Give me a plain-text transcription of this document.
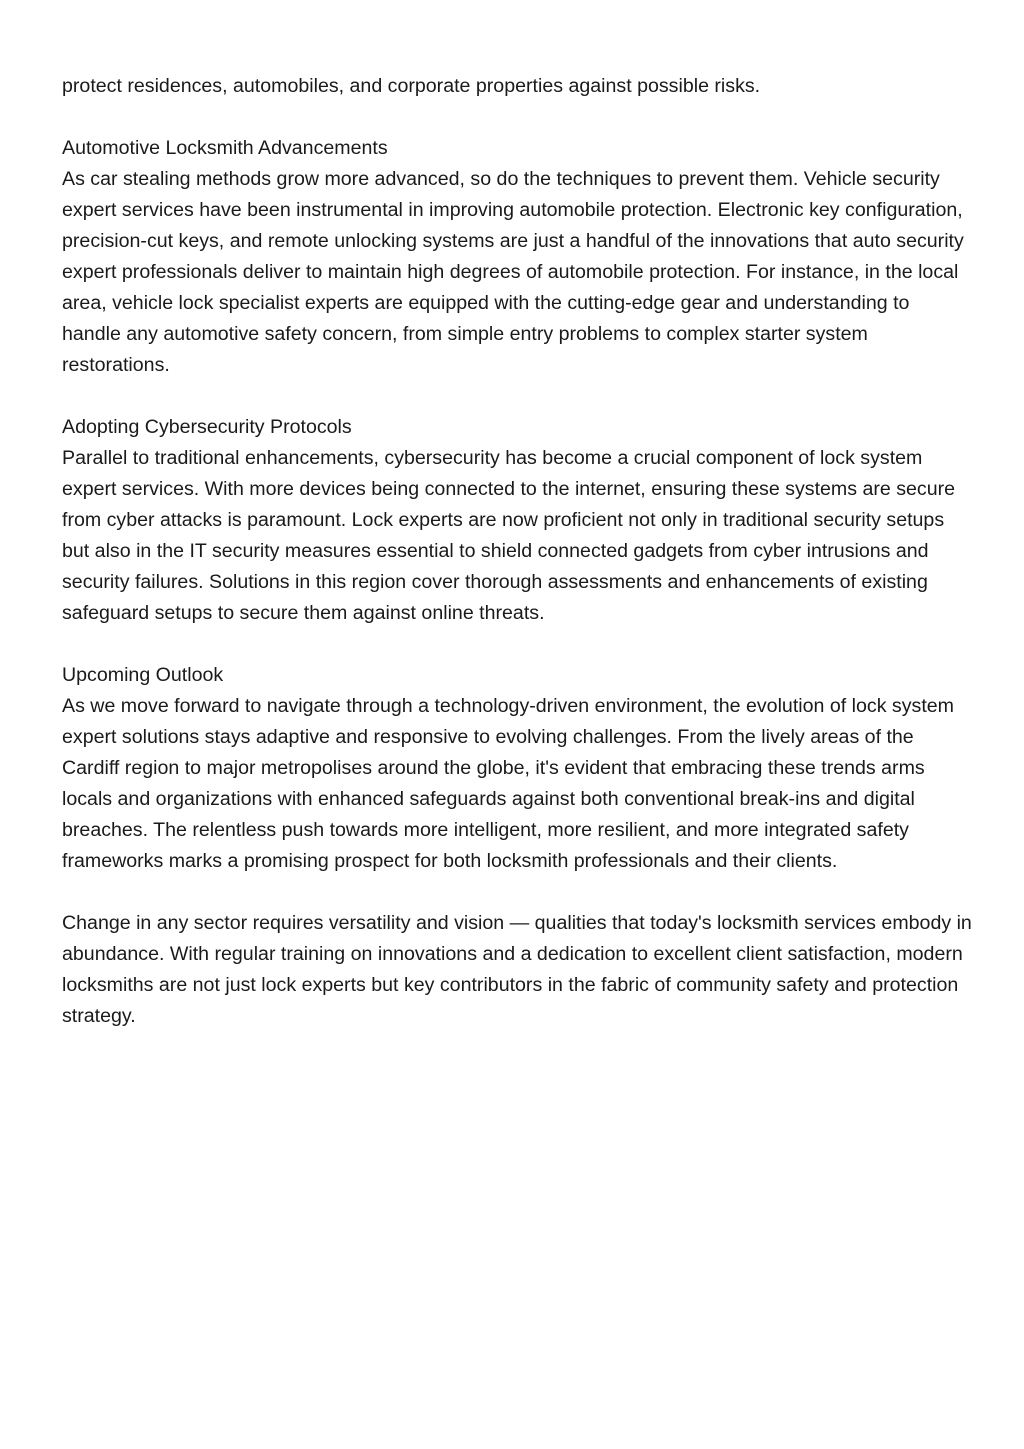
protect residences, automobiles, and corporate properties against possible risks.

Automotive Locksmith Advancements
As car stealing methods grow more advanced, so do the techniques to prevent them. Vehicle security expert services have been instrumental in improving automobile protection. Electronic key configuration, precision-cut keys, and remote unlocking systems are just a handful of the innovations that auto security expert professionals deliver to maintain high degrees of automobile protection. For instance, in the local area, vehicle lock specialist experts are equipped with the cutting-edge gear and understanding to handle any automotive safety concern, from simple entry problems to complex starter system restorations.
Adopting Cybersecurity Protocols
Parallel to traditional enhancements, cybersecurity has become a crucial component of lock system expert services. With more devices being connected to the internet, ensuring these systems are secure from cyber attacks is paramount. Lock experts are now proficient not only in traditional security setups but also in the IT security measures essential to shield connected gadgets from cyber intrusions and security failures. Solutions in this region cover thorough assessments and enhancements of existing safeguard setups to secure them against online threats.
Upcoming Outlook
As we move forward to navigate through a technology-driven environment, the evolution of lock system expert solutions stays adaptive and responsive to evolving challenges. From the lively areas of the Cardiff region to major metropolises around the globe, it's evident that embracing these trends arms locals and organizations with enhanced safeguards against both conventional break-ins and digital breaches. The relentless push towards more intelligent, more resilient, and more integrated safety frameworks marks a promising prospect for both locksmith professionals and their clients.

Change in any sector requires versatility and vision — qualities that today's locksmith services embody in abundance. With regular training on innovations and a dedication to excellent client satisfaction, modern locksmiths are not just lock experts but key contributors in the fabric of community safety and protection strategy.
